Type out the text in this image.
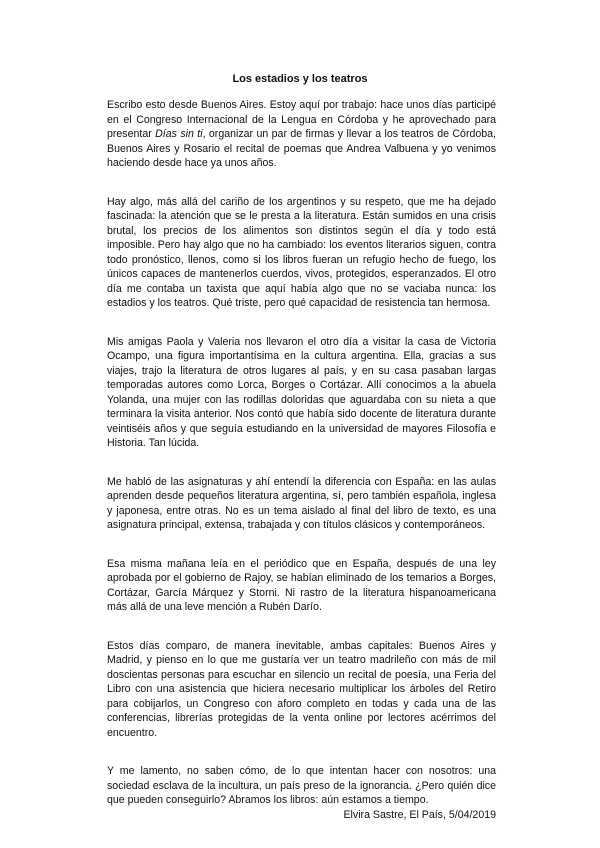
Los estadios y los teatros

Escribo esto desde Buenos Aires. Estoy aquí por trabajo: hace unos días participé en el Congreso Internacional de la Lengua en Córdoba y he aprovechado para presentar Días sin ti, organizar un par de firmas y llevar a los teatros de Córdoba, Buenos Aires y Rosario el recital de poemas que Andrea Valbuena y yo venimos haciendo desde hace ya unos años.

Hay algo, más allá del cariño de los argentinos y su respeto, que me ha dejado fascinada: la atención que se le presta a la literatura. Están sumidos en una crisis brutal, los precios de los alimentos son distintos según el día y todo está imposible. Pero hay algo que no ha cambiado: los eventos literarios siguen, contra todo pronóstico, llenos, como si los libros fueran un refugio hecho de fuego, los únicos capaces de mantenerlos cuerdos, vivos, protegidos, esperanzados. El otro día me contaba un taxista que aquí había algo que no se vaciaba nunca: los estadios y los teatros. Qué triste, pero qué capacidad de resistencia tan hermosa.

Mis amigas Paola y Valeria nos llevaron el otro día a visitar la casa de Victoria Ocampo, una figura importantísima en la cultura argentina. Ella, gracias a sus viajes, trajo la literatura de otros lugares al país, y en su casa pasaban largas temporadas autores como Lorca, Borges o Cortázar. Allí conocimos a la abuela Yolanda, una mujer con las rodillas doloridas que aguardaba con su nieta a que terminara la visita anterior. Nos contó que había sido docente de literatura durante veintiséis años y que seguía estudiando en la universidad de mayores Filosofía e Historia. Tan lúcida.

Me habló de las asignaturas y ahí entendí la diferencia con España: en las aulas aprenden desde pequeños literatura argentina, sí, pero también española, inglesa y japonesa, entre otras. No es un tema aislado al final del libro de texto, es una asignatura principal, extensa, trabajada y con títulos clásicos y contemporáneos.

Esa misma mañana leía en el periódico que en España, después de una ley aprobada por el gobierno de Rajoy, se habían eliminado de los temarios a Borges, Cortázar, García Márquez y Storni. Ni rastro de la literatura hispanoamericana más allá de una leve mención a Rubén Darío.

Estos días comparo, de manera inevitable, ambas capitales: Buenos Aires y Madrid, y pienso en lo que me gustaría ver un teatro madrileño con más de mil doscientas personas para escuchar en silencio un recital de poesía, una Feria del Libro con una asistencia que hiciera necesario multiplicar los árboles del Retiro para cobijarlos, un Congreso con aforo completo en todas y cada una de las conferencias, librerías protegidas de la venta online por lectores acérrimos del encuentro.

Y me lamento, no saben cómo, de lo que intentan hacer con nosotros: una sociedad esclava de la incultura, un país preso de la ignorancia. ¿Pero quién dice que pueden conseguirlo? Abramos los libros: aún estamos a tiempo.

Elvira Sastre, El País, 5/04/2019
